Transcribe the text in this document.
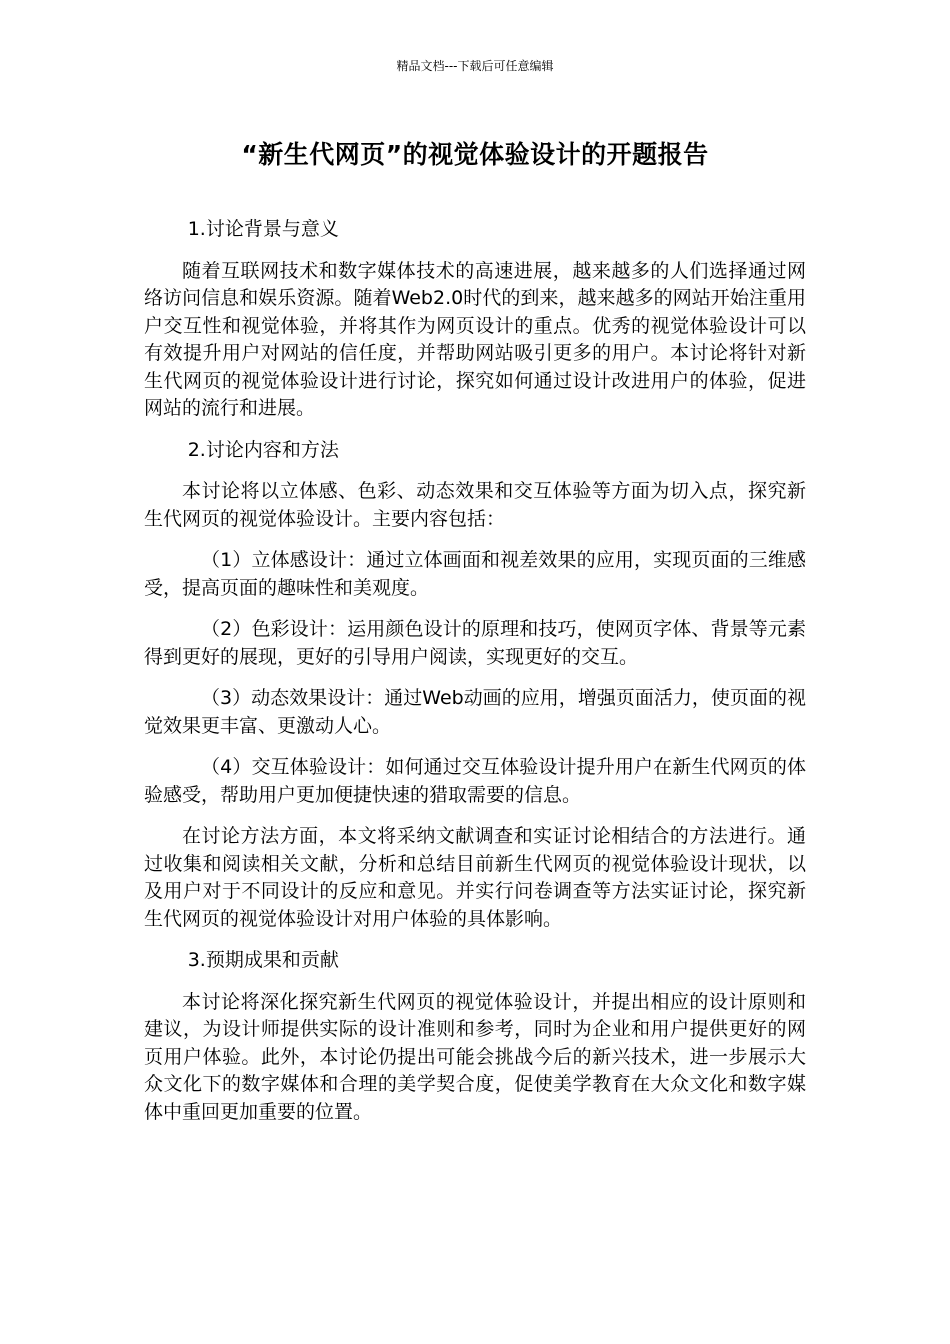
精品文档---下载后可任意编辑
“新生代网页”的视觉体验设计的开题报告

1.讨论背景与意义

随着互联网技术和数字媒体技术的高速进展，越来越多的人们选择通过网络访问信息和娱乐资源。随着Web2.0时代的到来，越来越多的网站开始注重用户交互性和视觉体验，并将其作为网页设计的重点。优秀的视觉体验设计可以有效提升用户对网站的信任度，并帮助网站吸引更多的用户。本讨论将针对新生代网页的视觉体验设计进行讨论，探究如何通过设计改进用户的体验，促进网站的流行和进展。

2.讨论内容和方法

本讨论将以立体感、色彩、动态效果和交互体验等方面为切入点，探究新生代网页的视觉体验设计。主要内容包括：

（1）立体感设计：通过立体画面和视差效果的应用，实现页面的三维感受，提高页面的趣味性和美观度。

（2）色彩设计：运用颜色设计的原理和技巧，使网页字体、背景等元素得到更好的展现，更好的引导用户阅读，实现更好的交互。

（3）动态效果设计：通过Web动画的应用，增强页面活力，使页面的视觉效果更丰富、更激动人心。

（4）交互体验设计：如何通过交互体验设计提升用户在新生代网页的体验感受，帮助用户更加便捷快速的猎取需要的信息。

在讨论方法方面，本文将采纳文献调查和实证讨论相结合的方法进行。通过收集和阅读相关文献，分析和总结目前新生代网页的视觉体验设计现状，以及用户对于不同设计的反应和意见。并实行问卷调查等方法实证讨论，探究新生代网页的视觉体验设计对用户体验的具体影响。

3.预期成果和贡献

本讨论将深化探究新生代网页的视觉体验设计，并提出相应的设计原则和建议，为设计师提供实际的设计准则和参考，同时为企业和用户提供更好的网页用户体验。此外，本讨论仍提出可能会挑战今后的新兴技术，进一步展示大众文化下的数字媒体和合理的美学契合度，促使美学教育在大众文化和数字媒体中重回更加重要的位置。
